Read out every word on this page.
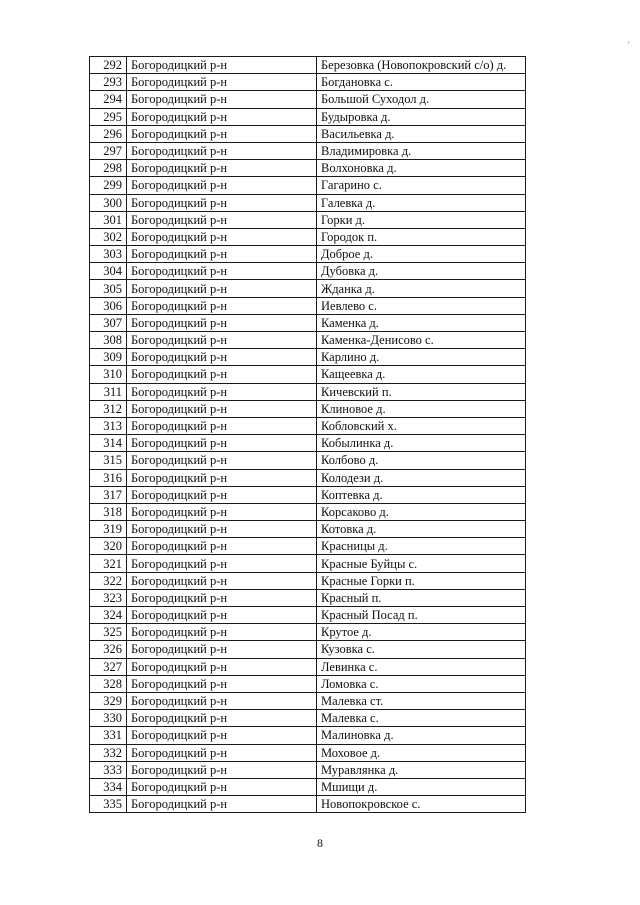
'
292	Богородицкий р-н	Березовка (Новопокровский с/о) д.
293	Богородицкий р-н	Богдановка с.
294	Богородицкий р-н	Большой Суходол д.
295	Богородицкий р-н	Будыровка д.
296	Богородицкий р-н	Васильевка д.
297	Богородицкий р-н	Владимировка д.
298	Богородицкий р-н	Волхоновка д.
299	Богородицкий р-н	Гагарино с.
300	Богородицкий р-н	Галевка д.
301	Богородицкий р-н	Горки д.
302	Богородицкий р-н	Городок п.
303	Богородицкий р-н	Доброе д.
304	Богородицкий р-н	Дубовка д.
305	Богородицкий р-н	Жданка д.
306	Богородицкий р-н	Иевлево с.
307	Богородицкий р-н	Каменка д.
308	Богородицкий р-н	Каменка-Денисово с.
309	Богородицкий р-н	Карлино д.
310	Богородицкий р-н	Кащеевка д.
311	Богородицкий р-н	Кичевский п.
312	Богородицкий р-н	Клиновое д.
313	Богородицкий р-н	Кобловский х.
314	Богородицкий р-н	Кобылинка д.
315	Богородицкий р-н	Колбово д.
316	Богородицкий р-н	Колодези д.
317	Богородицкий р-н	Коптевка д.
318	Богородицкий р-н	Корсаково д.
319	Богородицкий р-н	Котовка д.
320	Богородицкий р-н	Красницы д.
321	Богородицкий р-н	Красные Буйцы с.
322	Богородицкий р-н	Красные Горки п.
323	Богородицкий р-н	Красный п.
324	Богородицкий р-н	Красный Посад п.
325	Богородицкий р-н	Крутое д.
326	Богородицкий р-н	Кузовка с.
327	Богородицкий р-н	Левинка с.
328	Богородицкий р-н	Ломовка с.
329	Богородицкий р-н	Малевка ст.
330	Богородицкий р-н	Малевка с.
331	Богородицкий р-н	Малиновка д.
332	Богородицкий р-н	Моховое д.
333	Богородицкий р-н	Муравлянка д.
334	Богородицкий р-н	Мшищи д.
335	Богородицкий р-н	Новопокровское с.
8
